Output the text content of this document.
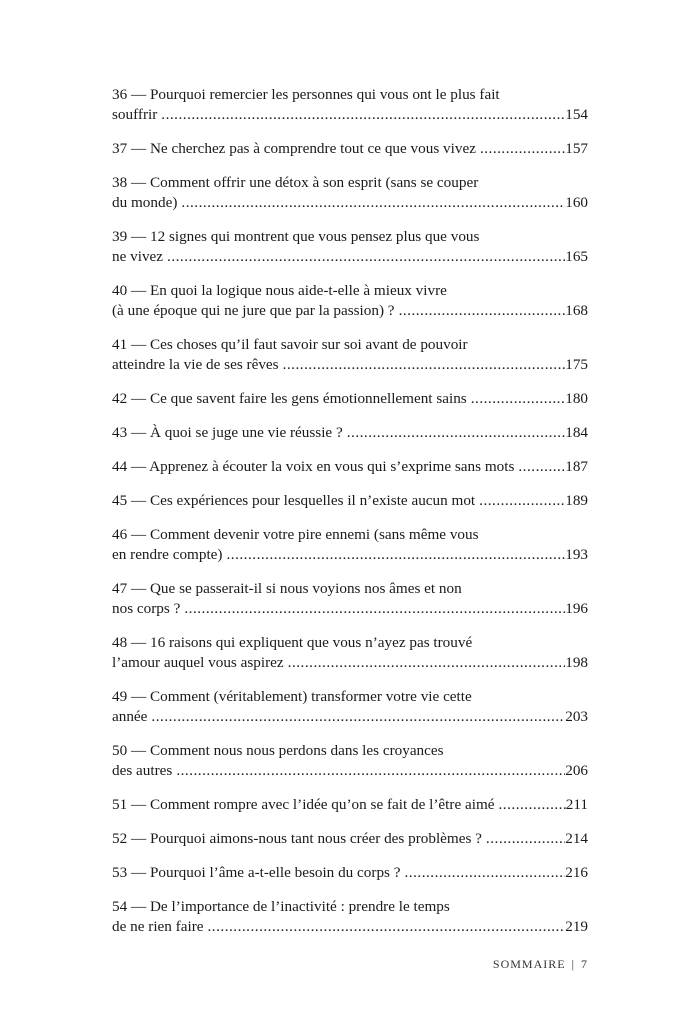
36 — Pourquoi remercier les personnes qui vous ont le plus fait
souffrir .....	154
37 — Ne cherchez pas à comprendre tout ce que vous vivez .....	157
38 — Comment offrir une détox à son esprit (sans se couper
du monde) .....	160
39 — 12 signes qui montrent que vous pensez plus que vous
ne vivez .....	165
40 — En quoi la logique nous aide-t-elle à mieux vivre
(à une époque qui ne jure que par la passion) ? .....	168
41 — Ces choses qu’il faut savoir sur soi avant de pouvoir
atteindre la vie de ses rêves .....	175
42 — Ce que savent faire les gens émotionnellement sains .....	180
43 — À quoi se juge une vie réussie ? .....	184
44 — Apprenez à écouter la voix en vous qui s’exprime sans mots .....	187
45 — Ces expériences pour lesquelles il n’existe aucun mot .....	189
46 — Comment devenir votre pire ennemi (sans même vous
en rendre compte) .....	193
47 — Que se passerait-il si nous voyions nos âmes et non
nos corps ? .....	196
48 — 16 raisons qui expliquent que vous n’ayez pas trouvé
l’amour auquel vous aspirez .....	198
49 — Comment (véritablement) transformer votre vie cette
année .....	203
50 — Comment nous nous perdons dans les croyances
des autres .....	206
51 — Comment rompre avec l’idée qu’on se fait de l’être aimé .....	211
52 — Pourquoi aimons-nous tant nous créer des problèmes ? .....	214
53 — Pourquoi l’âme a-t-elle besoin du corps ? .....	216
54 — De l’importance de l’inactivité : prendre le temps
de ne rien faire .....	219
SOMMAIRE | 7
